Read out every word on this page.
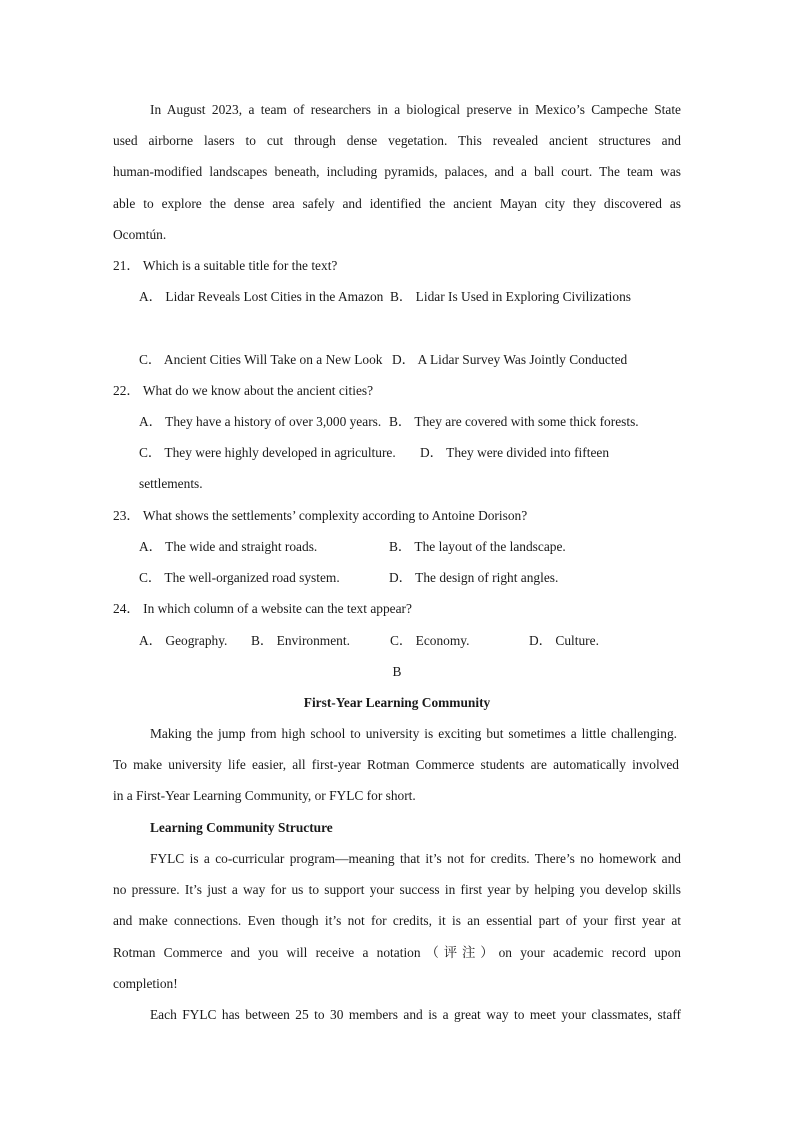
In August 2023, a team of researchers in a biological preserve in Mexico’s Campeche State
used airborne lasers to cut through dense vegetation. This revealed ancient structures and
human-modified landscapes beneath, including pyramids, palaces, and a ball court. The team was
able to explore the dense area safely and identified the ancient Mayan city they discovered as
Ocomtún.
21． Which is a suitable title for the text?
A． Lidar Reveals Lost Cities in the Amazon B． Lidar Is Used in Exploring Civilizations
C． Ancient Cities Will Take on a New Look D． A Lidar Survey Was Jointly Conducted
22． What do we know about the ancient cities?
A． They have a history of over 3,000 years. B． They are covered with some thick forests.
C． They were highly developed in agriculture. D． They were divided into fifteen
settlements.
23． What shows the settlements’ complexity according to Antoine Dorison?
A． The wide and straight roads.	B． The layout of the landscape.
C． The well-organized road system.	D． The design of right angles.
24． In which column of a website can the text appear?
A． Geography. B． Environment.	C． Economy.	D． Culture.
B
First-Year Learning Community
Making the jump from high school to university is exciting but sometimes a little challenging.
To make university life easier, all first-year Rotman Commerce students are automatically involved
in a First-Year Learning Community, or FYLC for short.
Learning Community Structure
FYLC is a co-curricular program—meaning that it’s not for credits. There’s no homework and
no pressure. It’s just a way for us to support your success in first year by helping you develop skills
and make connections. Even though it’s not for credits, it is an essential part of your first year at
Rotman Commerce and you will receive a notation（评注）on your academic record upon
completion!
Each FYLC has between 25 to 30 members and is a great way to meet your classmates, staff
